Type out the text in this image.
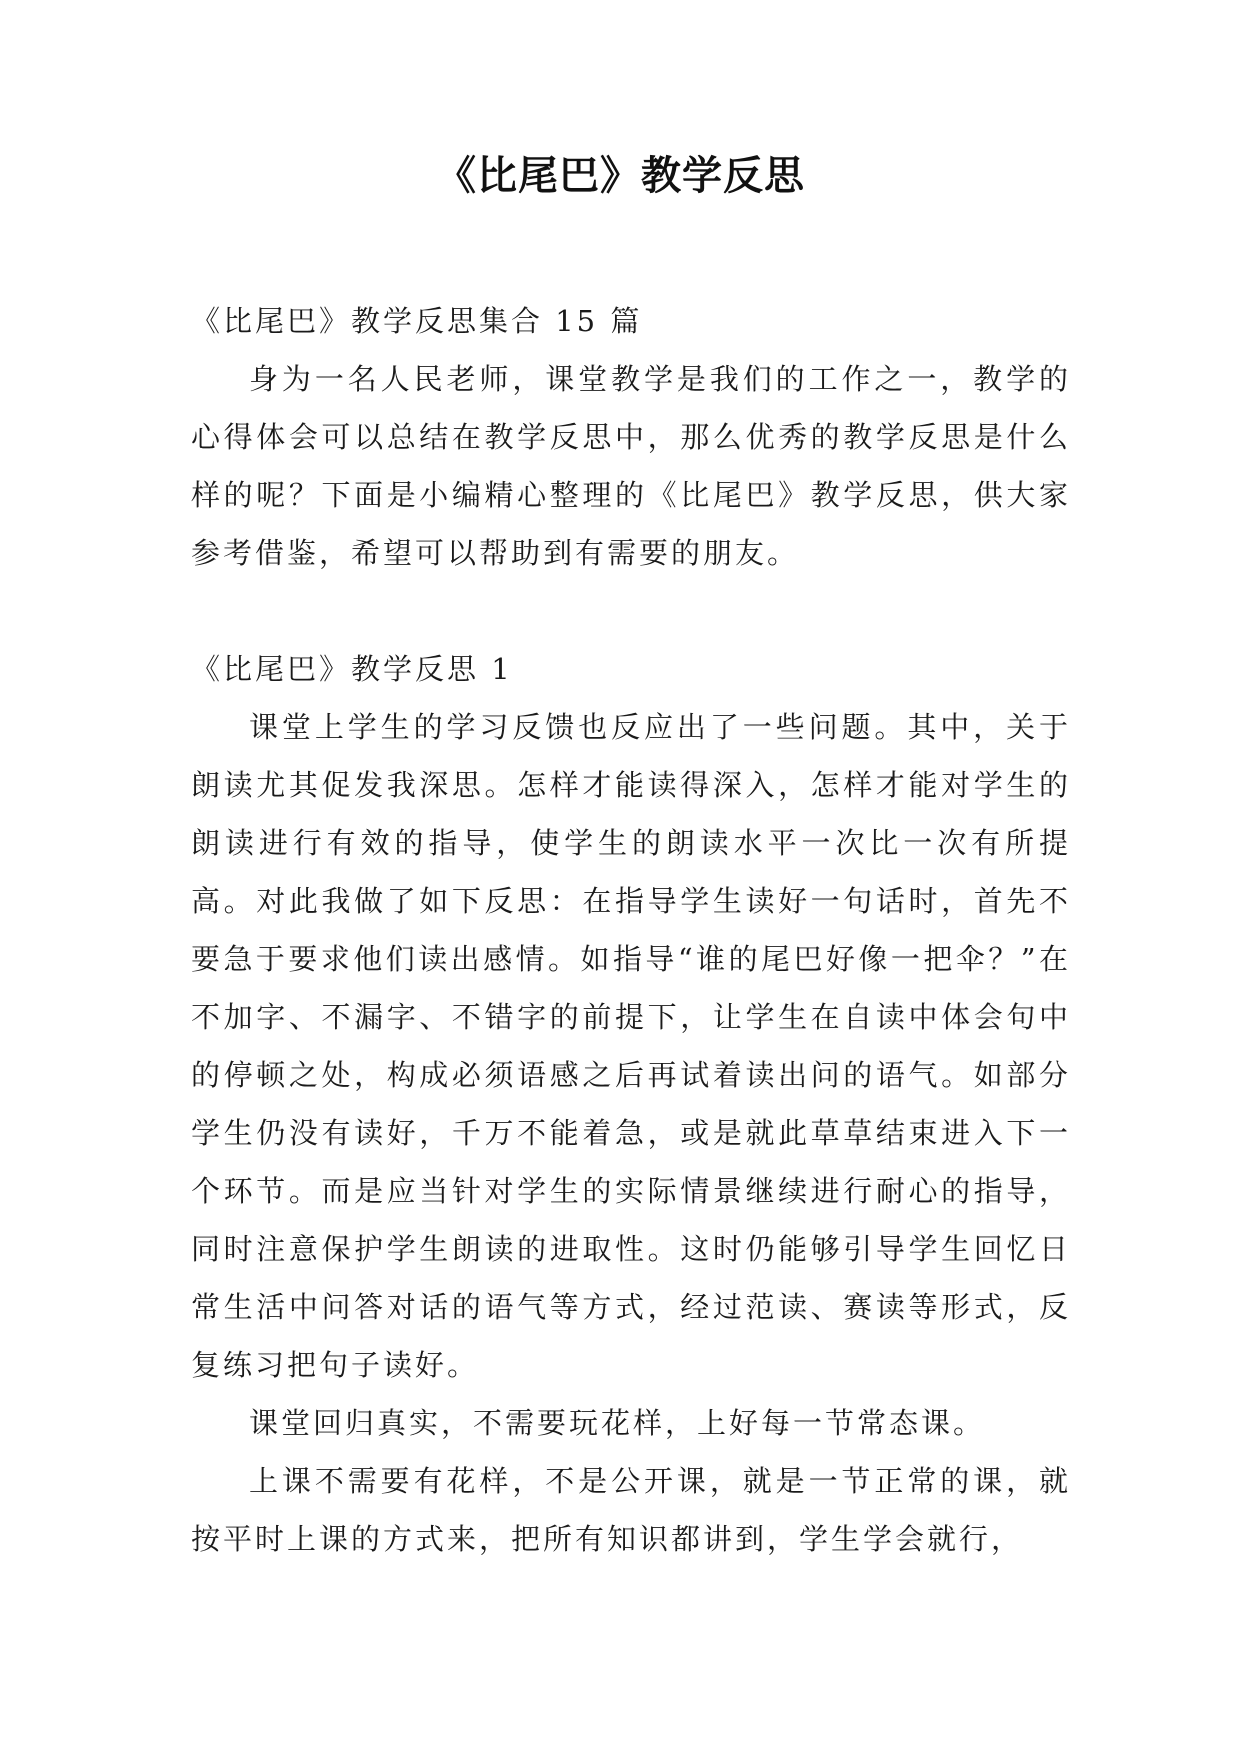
《比尾巴》教学反思

《比尾巴》教学反思集合 15 篇

身为一名人民老师，课堂教学是我们的工作之一，教学的心得体会可以总结在教学反思中，那么优秀的教学反思是什么样的呢？下面是小编精心整理的《比尾巴》教学反思，供大家参考借鉴，希望可以帮助到有需要的朋友。

《比尾巴》教学反思 1

课堂上学生的学习反馈也反应出了一些问题。其中，关于朗读尤其促发我深思。怎样才能读得深入，怎样才能对学生的朗读进行有效的指导，使学生的朗读水平一次比一次有所提高。对此我做了如下反思：在指导学生读好一句话时，首先不要急于要求他们读出感情。如指导“谁的尾巴好像一把伞？”在不加字、不漏字、不错字的前提下，让学生在自读中体会句中的停顿之处，构成必须语感之后再试着读出问的语气。如部分学生仍没有读好，千万不能着急，或是就此草草结束进入下一个环节。而是应当针对学生的实际情景继续进行耐心的指导，同时注意保护学生朗读的进取性。这时仍能够引导学生回忆日常生活中问答对话的语气等方式，经过范读、赛读等形式，反复练习把句子读好。

课堂回归真实，不需要玩花样，上好每一节常态课。

上课不需要有花样，不是公开课，就是一节正常的课，就按平时上课的方式来，把所有知识都讲到，学生学会就行，
